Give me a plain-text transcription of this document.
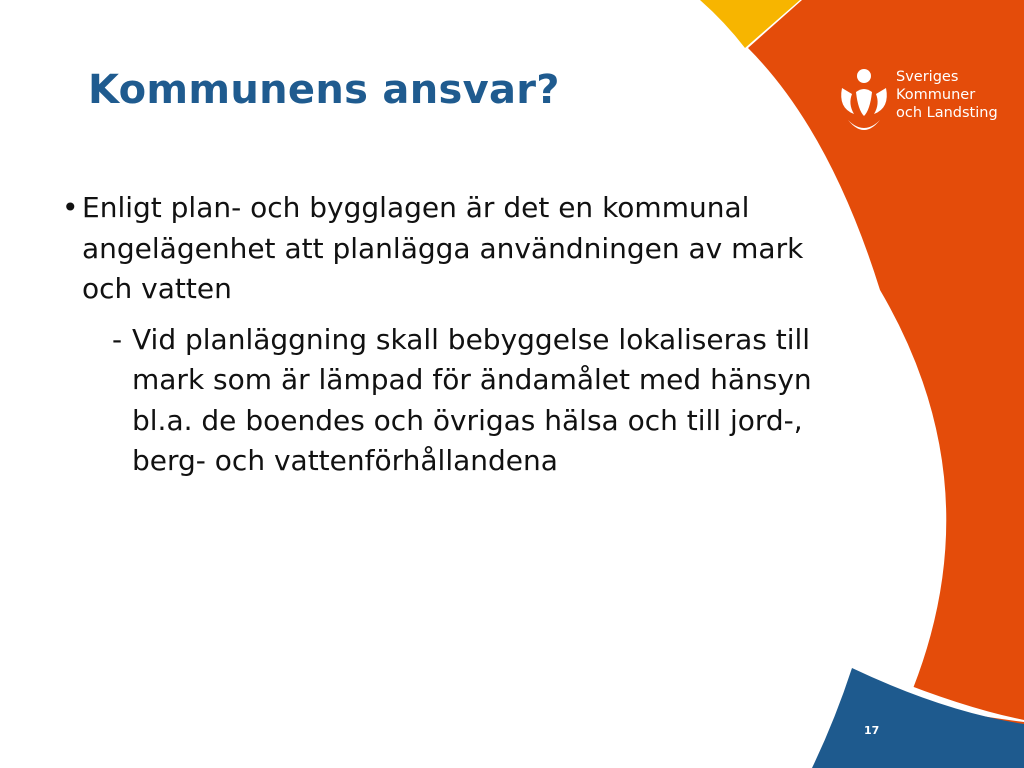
Kommunens ansvar?
• Enligt plan- och bygglagen är det en kommunal angelägenhet att planlägga användningen av mark och vatten
- Vid planläggning skall bebyggelse lokaliseras till mark som är lämpad för ändamålet med hänsyn bl.a. de boendes och övrigas hälsa och till jord-, berg- och vattenförhållandena
Sveriges
Kommuner
och Landsting
17
